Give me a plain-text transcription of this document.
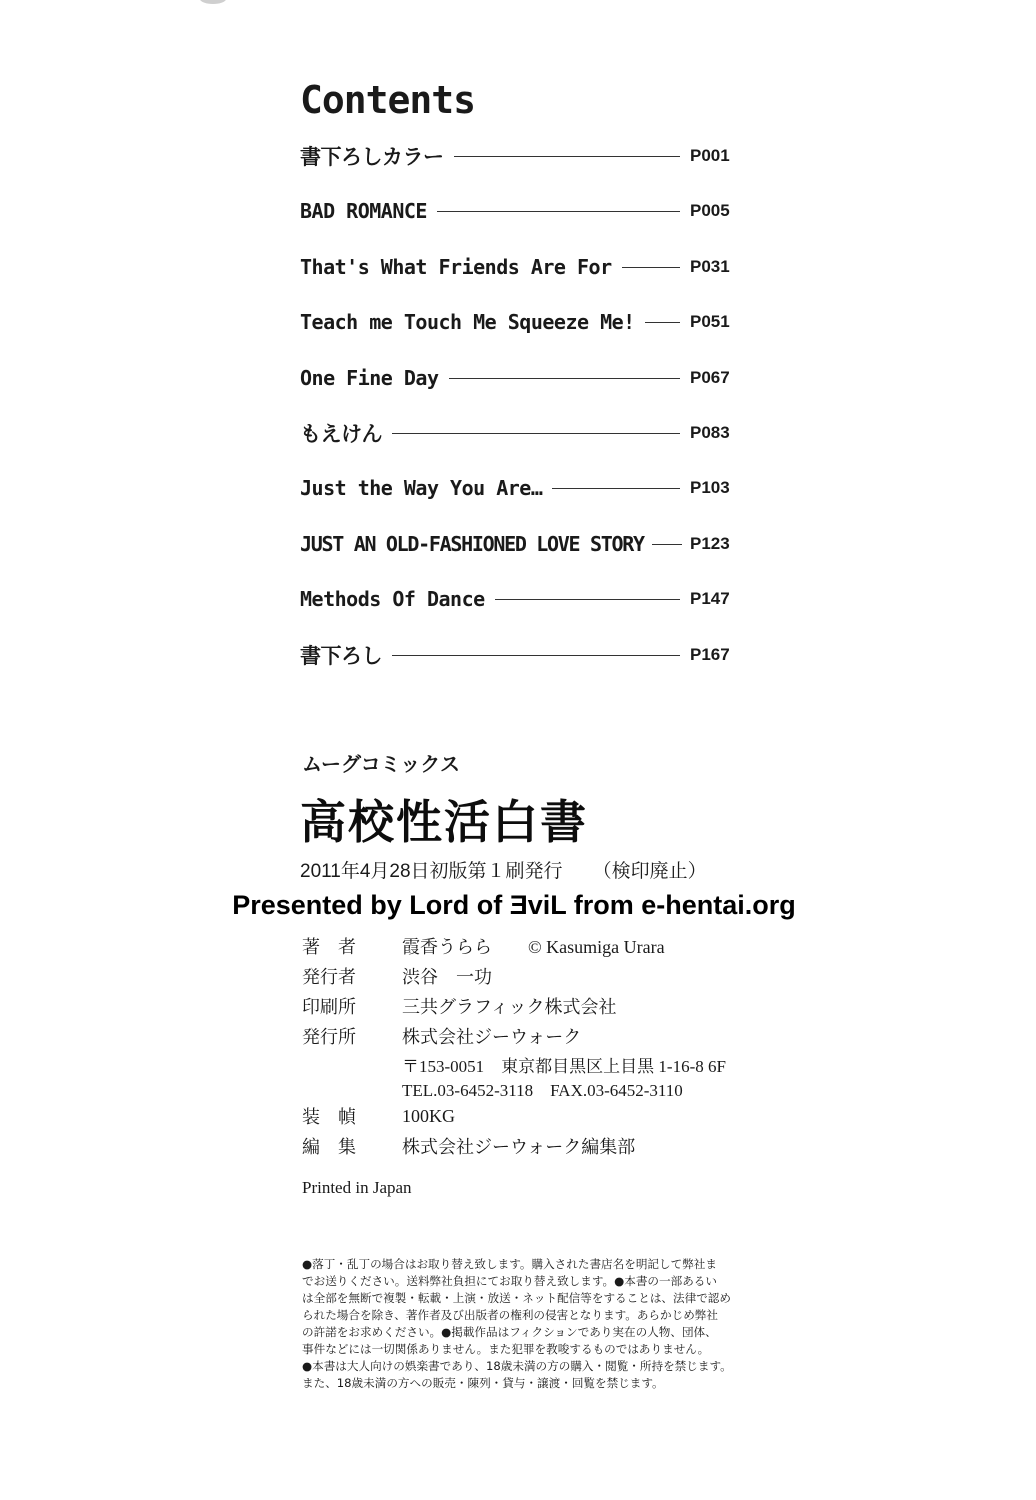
Contents
書下ろしカラー	P001
BAD ROMANCE	P005
That's What Friends Are For	P031
Teach me Touch Me Squeeze Me!	P051
One Fine Day	P067
もえけん	P083
Just the Way You Are…	P103
JUST AN OLD-FASHIONED LOVE STORY	P123
Methods Of Dance	P147
書下ろし	P167
ムーグコミックス
高校性活白書
2011年4月28日初版第１刷発行 （検印廃止）
Presented by Lord of ƎviL from e-hentai.org
著　者	霞香うらら © Kasumiga Urara
発行者	渋谷　一功
印刷所	三共グラフィック株式会社
発行所	株式会社ジーウォーク
〒153-0051　東京都目黒区上目黒 1-16-8 6F
TEL.03-6452-3118　FAX.03-6452-3110
装　幀	100KG
編　集	株式会社ジーウォーク編集部
Printed in Japan
●落丁・乱丁の場合はお取り替え致します。購入された書店名を明記して弊社ま
でお送りください。送料弊社負担にてお取り替え致します。●本書の一部あるい
は全部を無断で複製・転載・上演・放送・ネット配信等をすることは、法律で認め
られた場合を除き、著作者及び出版者の権利の侵害となります。あらかじめ弊社
の許諾をお求めください。●掲載作品はフィクションであり実在の人物、団体、
事件などには一切関係ありません。また犯罪を教唆するものではありません。
●本書は大人向けの娯楽書であり、18歳未満の方の購入・閲覧・所持を禁じます。
また、18歳未満の方への販売・陳列・貸与・譲渡・回覧を禁じます。
